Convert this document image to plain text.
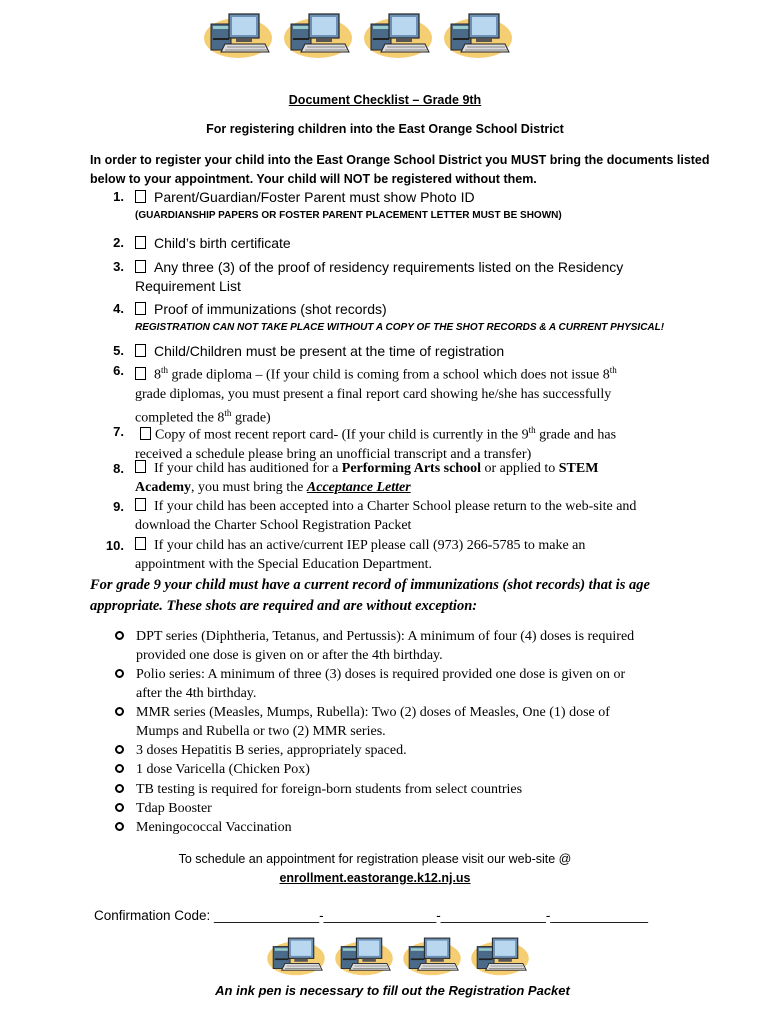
Document Checklist – Grade 9th
For registering children into the East Orange School District
In order to register your child into the East Orange School District you MUST bring the documents listed
below to your appointment. Your child will NOT be registered without them.
1.	Parent/Guardian/Foster Parent must show Photo ID
(GUARDIANSHIP PAPERS OR FOSTER PARENT PLACEMENT LETTER MUST BE SHOWN)
2.	Child’s birth certificate
3.	Any three (3) of the proof of residency requirements listed on the Residency
Requirement List
4.	Proof of immunizations (shot records)
REGISTRATION CAN NOT TAKE PLACE WITHOUT A COPY OF THE SHOT RECORDS & A CURRENT PHYSICAL!
5.	Child/Children must be present at the time of registration
6.	8th grade diploma – (If your child is coming from a school which does not issue 8th
grade diplomas, you must present a final report card showing he/she has successfully
completed the 8th grade)
7.	Copy of most recent report card- (If your child is currently in the 9th grade and has
received a schedule please bring an unofficial transcript and a transfer)
8.	If your child has auditioned for a Performing Arts school or applied to STEM
Academy, you must bring the Acceptance Letter
9.	If your child has been accepted into a Charter School please return to the web-site and
download the Charter School Registration Packet
10.	If your child has an active/current IEP please call (973) 266-5785 to make an
appointment with the Special Education Department.
For grade 9 your child must have a current record of immunizations (shot records) that is age
appropriate. These shots are required and are without exception:
DPT series (Diphtheria, Tetanus, and Pertussis): A minimum of four (4) doses is required
provided one dose is given on or after the 4th birthday.
Polio series: A minimum of three (3) doses is required provided one dose is given on or
after the 4th birthday.
MMR series (Measles, Mumps, Rubella): Two (2) doses of Measles, One (1) dose of
Mumps and Rubella or two (2) MMR series.
3 doses Hepatitis B series, appropriately spaced.
1 dose Varicella (Chicken Pox)
TB testing is required for foreign-born students from select countries
Tdap Booster
Meningococcal Vaccination
To schedule an appointment for registration please visit our web-site @
enrollment.eastorange.k12.nj.us
Confirmation Code: ______________-_______________-______________-_____________
An ink pen is necessary to fill out the Registration Packet
